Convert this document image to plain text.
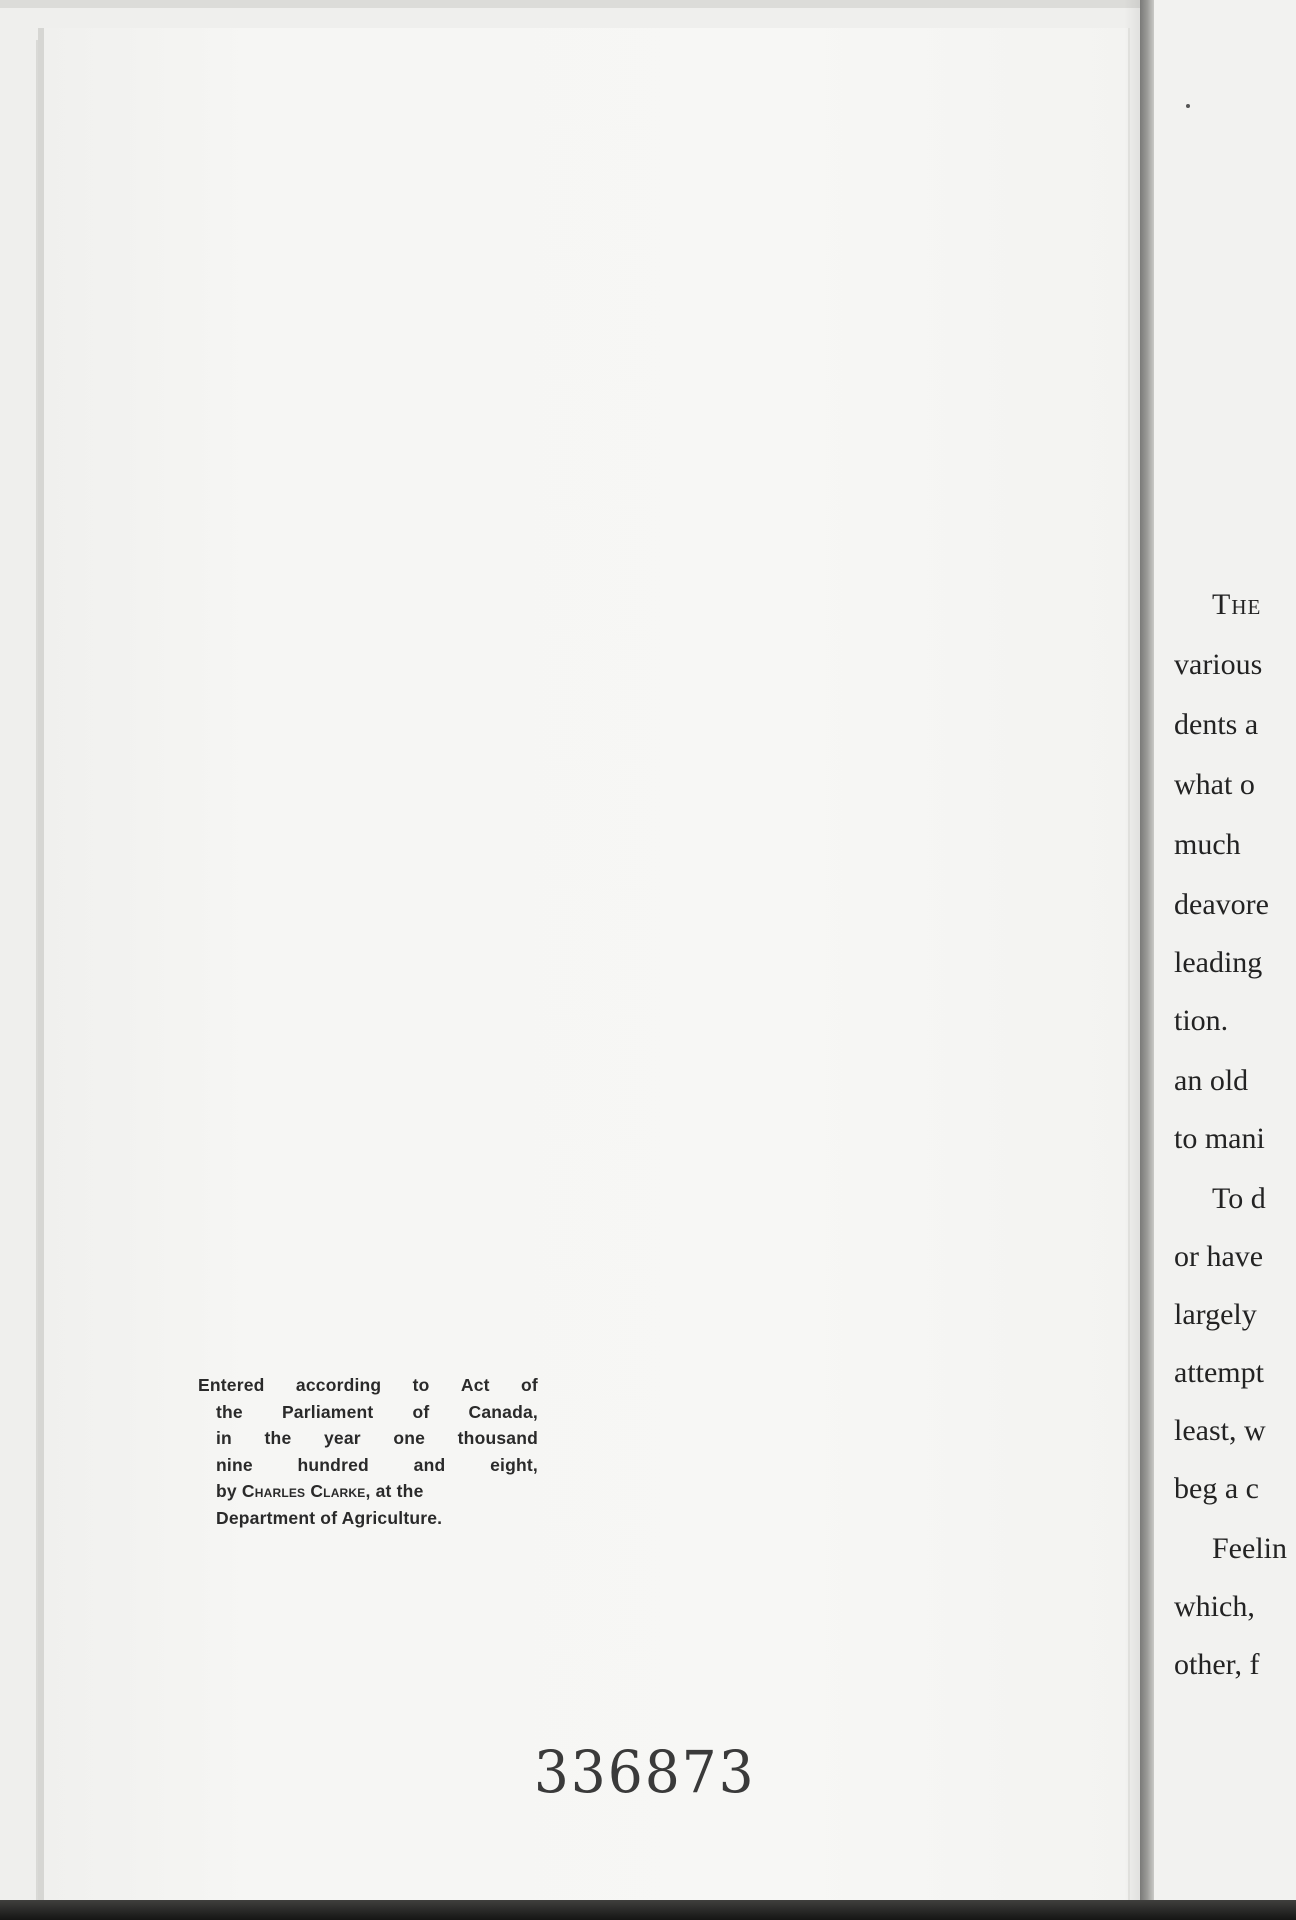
Entered according to Act of
the Parliament of Canada,
in the year one thousand
nine	hundred	and	eight,
by Charles Clarke, at the
Department of Agriculture.
336873
The
various
dents a
what o
much
deavore
leading
tion.
an old
to mani
To d
or have
largely
attempt
least, w
beg a c
Feelin
which,
other, f
